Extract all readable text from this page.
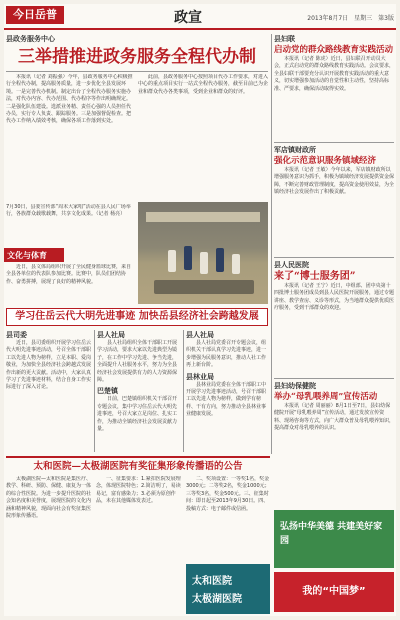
今日岳普	政宣	2013年8月7日　星期三　第3版
县政务服务中心
三举措推进政务服务全程代办制

本报讯（记者 刘振强）今年，县政务服务中心积极推行全程代办制，提高服务质量，进一步优化全县发展环境。一是完善代办机制。制定出台了全程代办服务实施办法，对代办内容、代办范围、代办程序等作出明确规定。二是强化队伍建设。选派业务精、责任心强的人员担任代办员，实行专人负责、跟踪服务。三是加强督促检查。把代办工作纳入绩效考核，确保各项工作落到实处。

此前，县政务服务中心按照项目代办工作要求，对进入中心的重点项目实行一站式全程代办服务，截至目前已为企业和群众代办各类事项，受到企业和群众的好评。

7月30日，县委宣传部“周末大家唱”活动在县人民广场举行，各族群众载歌载舞，共享文化成果。（记者 杨亮）

文化与体育

近日，县文体局组织开展了全民健身篮球比赛，来自全县各单位的代表队参加比赛。比赛中，队员们团结协作、奋勇拼搏，展现了良好的精神风貌。

学习住岳云代大明先进事迹 加快岳县经济社会跨越发展
县司委

近日，县司委组织开展学习住岳云代大明先进事迹活动，号召全体干部职工以先进人物为榜样，立足本职、爱岗敬业，为加快全县经济社会跨越式发展作出新的更大贡献。活动中，大家认真学习了先进事迹材料，结合自身工作实际进行了深入讨论。

县人社局

县人社局组织全体干部职工开展学习活动，要求大家以先进典型为镜子，在工作中学习先进、争当先进，全面提升人社服务水平，努力为全县经济社会发展提供有力的人力资源保障。

巴楚镇

日前，巴楚镇组织机关干部召开专题会议，集中学习住岳云代大明先进事迹，号召大家立足岗位、扎实工作，为推动全镇经济社会发展贡献力量。

县人社局

县人社局党委召开专题会议，组织机关干部认真学习先进事迹，进一步增强为民服务意识，推动人社工作再上新台阶。

县林业局

县林业局党委在全体干部职工中开展学习先进事迹活动，号召干部职工以先进人物为榜样，做到学有榜样、干有方向，努力推动全县林业事业健康发展。

县妇联
启动党的群众路线教育实践活动

本报讯（记者 陈虎）近日，县妇联召开动员大会，正式启动党的群众路线教育实践活动。会议要求，全县妇联干部要充分认识开展教育实践活动的重大意义，切实增强参加活动的自觉性和主动性，坚持高标准、严要求，确保活动取得实效。

军店镇财政所
强化示范意识服务镇域经济

本报讯（记者 王敏）今年以来，军店镇财政所以增强服务意识为抓手，积极为镇域经济发展提供资金保障，不断完善财政管理制度，提高资金使用效益，为全镇经济社会发展作出了积极贡献。

县人民医院
来了“博士服务团”

本报讯（记者 王宁）近日，中组部、团中央第十四批博士服务团成员到县人民医院开展服务，通过专题讲座、教学查房、义诊等形式，为当地群众提供优质医疗服务，受到干部群众的欢迎。

县妇幼保健院
举办“母乳喂养周”宣传活动

本报讯（记者 周丽丽）8月1日至7日，县妇幼保健院开展“母乳喂养周”宣传活动，通过发放宣传资料、现场咨询等方式，向广大群众普及母乳喂养知识，提高群众对母乳喂养的认识。

太和医院—太极湖医院有奖征集形象传播语的公告

太极湖医院—太和医院是集医疗、教学、科研、预防、保健、康复为一体的综合性医院。为进一步提升医院的社会知名度和美誉度，展现医院的文化内涵和精神风貌，现面向社会有奖征集医院形象传播语。

一、征集要求：1.紧扣医院发展理念，体现医院特色；2.简洁明了，易读易记，富有感染力；3.必须为原创作品，未在其他媒体发表过。

二、奖项设置：一等奖1名，奖金3000元；二等奖2名，奖金1000元；三等奖3名，奖金500元。三、征集时间：即日起至2013年9月30日。四、投稿方式：电子邮件或信函。

太和医院
太极湖医院
弘扬中华美德 共建美好家园
我的“中国梦”
